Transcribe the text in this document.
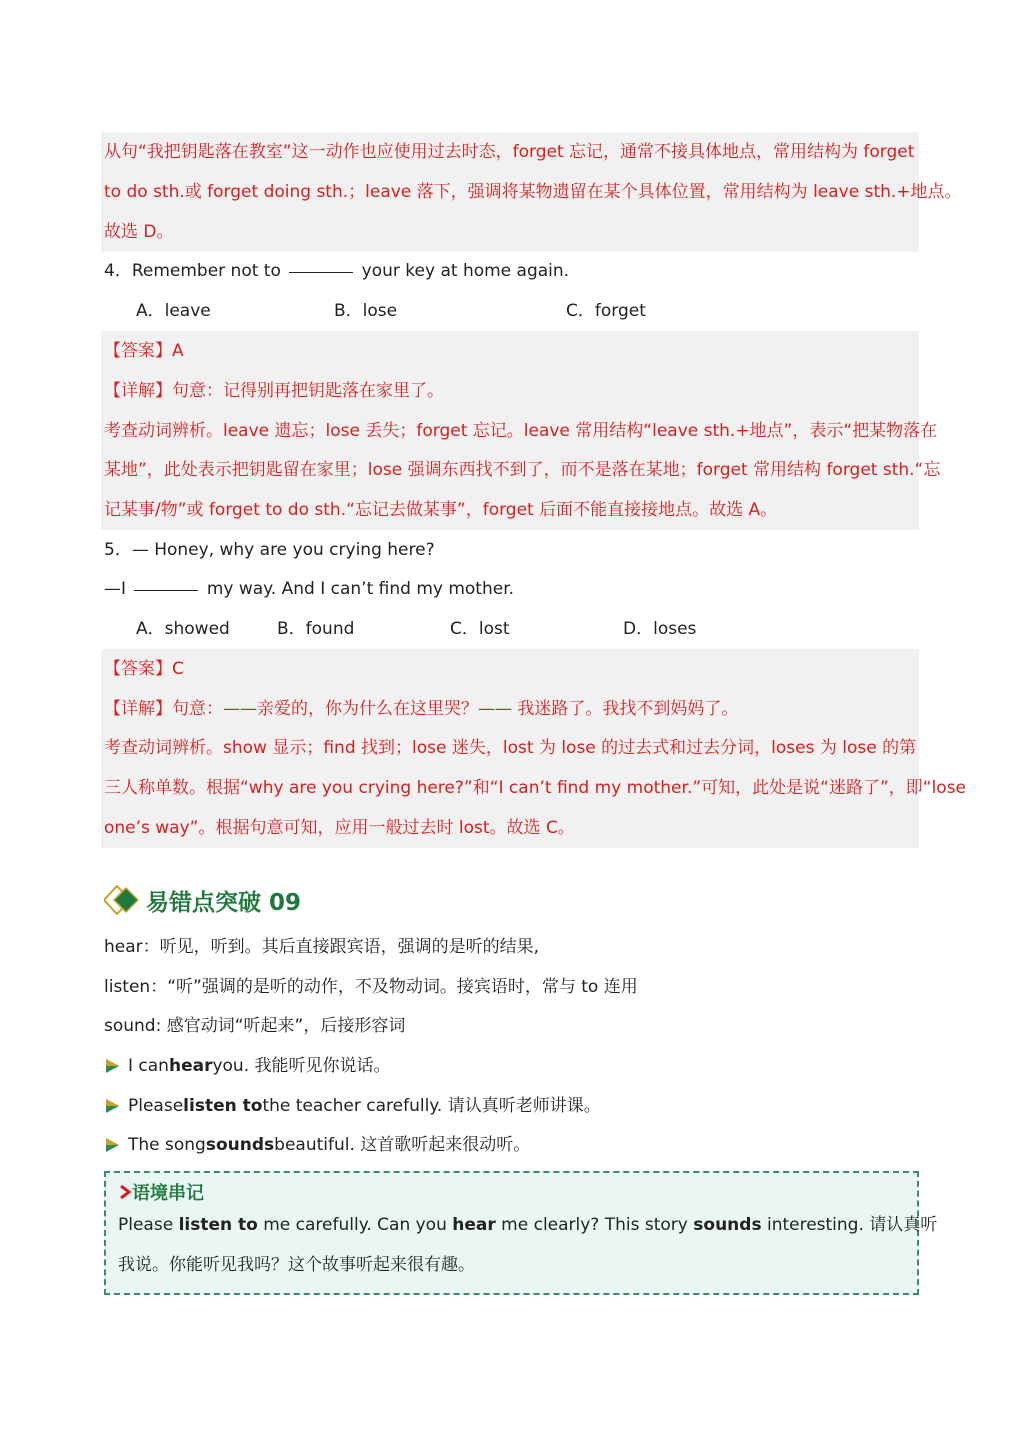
从句“我把钥匙落在教室”这一动作也应使用过去时态，forget 忘记，通常不接具体地点，常用结构为 forget
to do sth.或 forget doing sth.；leave 落下，强调将某物遗留在某个具体位置，常用结构为 leave sth.+地点。
故选 D。
4．Remember not to	your key at home again.
A．leave	B．lose	C．forget
【答案】A
【详解】句意：记得别再把钥匙落在家里了。
考查动词辨析。leave 遗忘；lose 丢失；forget 忘记。leave 常用结构“leave sth.+地点”，表示“把某物落在
某地”，此处表示把钥匙留在家里；lose 强调东西找不到了，而不是落在某地；forget 常用结构 forget sth.“忘
记某事/物”或 forget to do sth.“忘记去做某事”，forget 后面不能直接接地点。故选 A。
5．— Honey, why are you crying here?
—I	my way. And I can’t find my mother.
A．showed	B．found	C．lost	D．loses
【答案】C
【详解】句意：——亲爱的，你为什么在这里哭？—— 我迷路了。我找不到妈妈了。
考查动词辨析。show 显示；find 找到；lose 迷失，lost 为 lose 的过去式和过去分词，loses 为 lose 的第
三人称单数。根据“why are you crying here?”和“I can’t find my mother.”可知，此处是说“迷路了”，即“lose
one’s way”。根据句意可知，应用一般过去时 lost。故选 C。
易错点突破 09
hear：听见，听到。其后直接跟宾语，强调的是听的结果,
listen：“听”强调的是听的动作，不及物动词。接宾语时，常与 to 连用
sound: 感官动词“听起来”，后接形容词
I can hear you. 我能听见你说话。
Please listen to the teacher carefully. 请认真听老师讲课。
The song sounds beautiful. 这首歌听起来很动听。
语境串记
Please listen to me carefully. Can you hear me clearly? This story sounds interesting. 请认真听
我说。你能听见我吗？这个故事听起来很有趣。
